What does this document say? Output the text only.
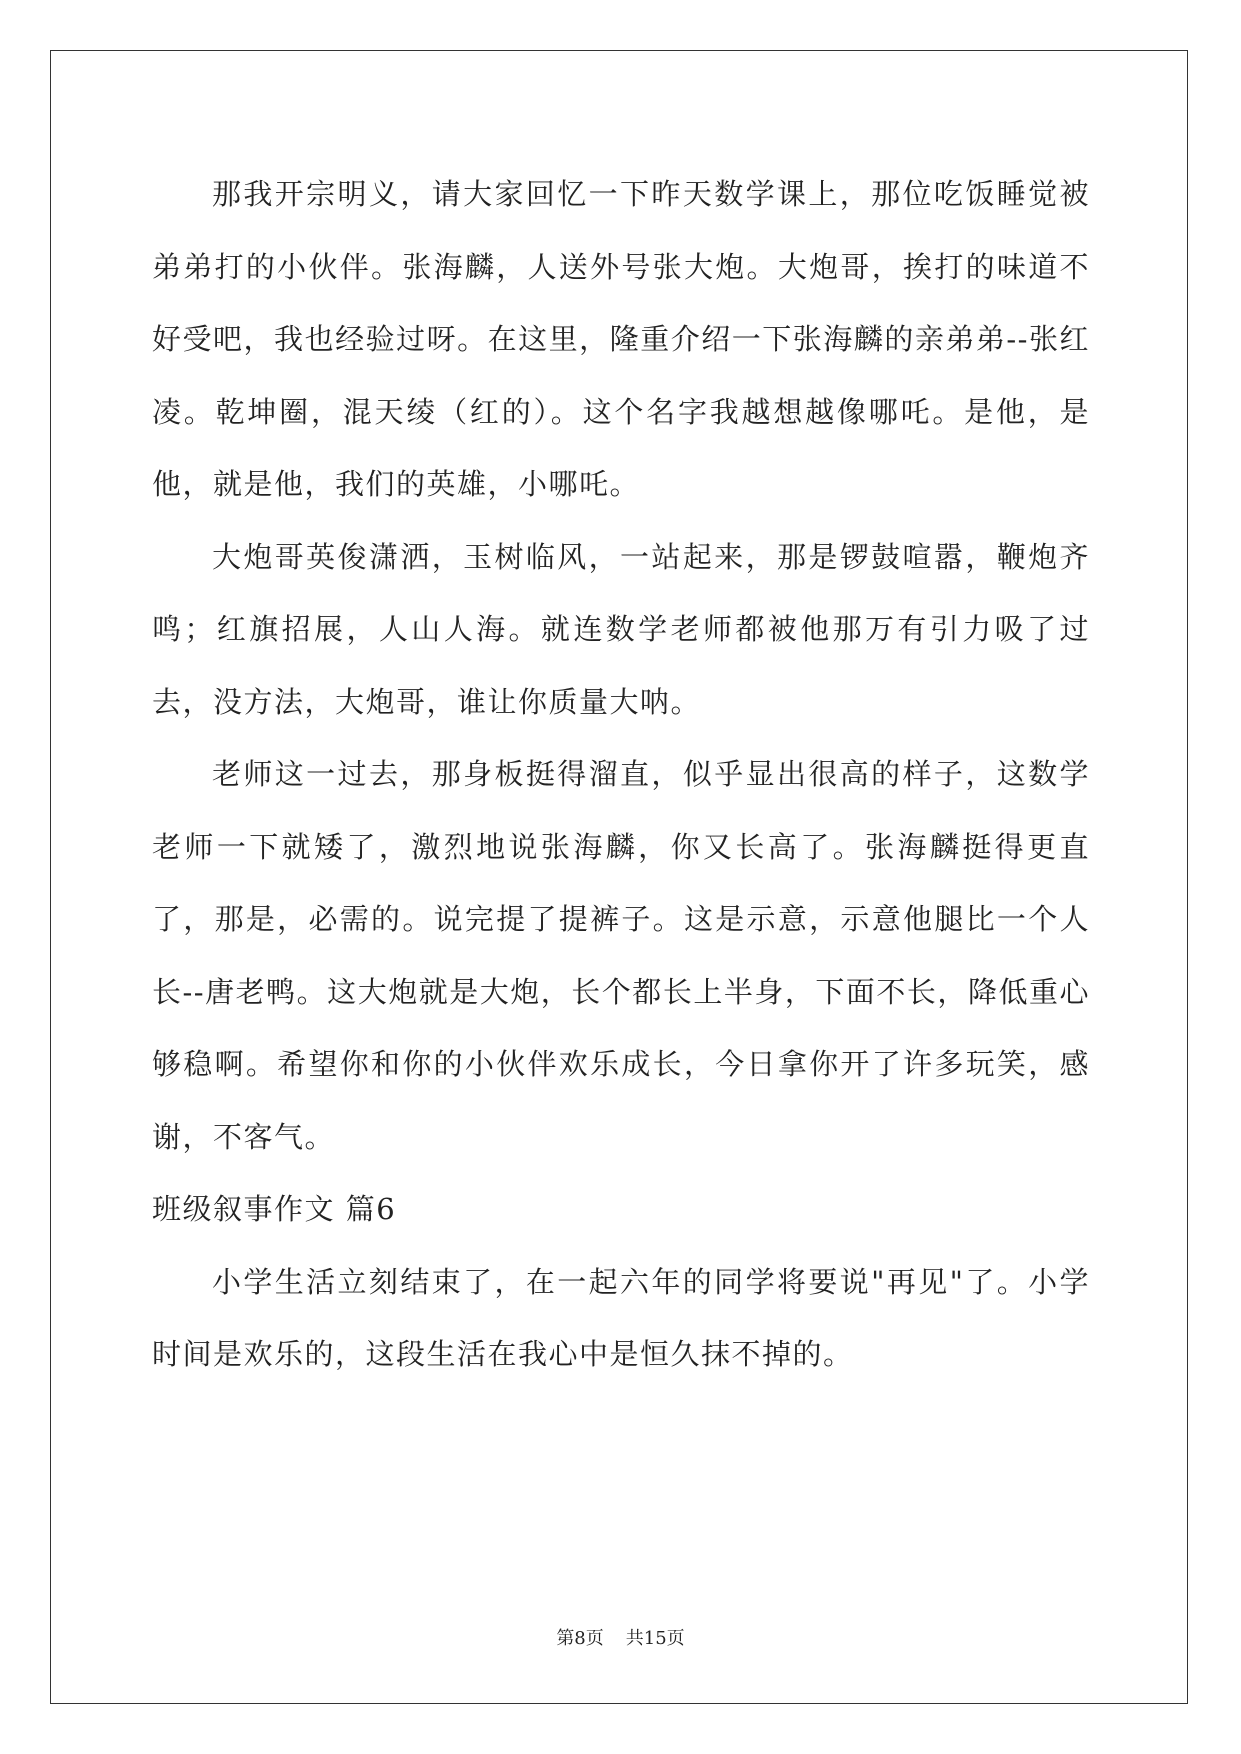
那我开宗明义，请大家回忆一下昨天数学课上，那位吃饭睡觉被弟弟打的小伙伴。张海麟，人送外号张大炮。大炮哥，挨打的味道不好受吧，我也经验过呀。在这里，隆重介绍一下张海麟的亲弟弟--张红凌。乾坤圈，混天绫（红的）。这个名字我越想越像哪吒。是他，是他，就是他，我们的英雄，小哪吒。

大炮哥英俊潇洒，玉树临风，一站起来，那是锣鼓喧嚣，鞭炮齐鸣；红旗招展，人山人海。就连数学老师都被他那万有引力吸了过去，没方法，大炮哥，谁让你质量大呐。

老师这一过去，那身板挺得溜直，似乎显出很高的样子，这数学老师一下就矮了，激烈地说张海麟，你又长高了。张海麟挺得更直了，那是，必需的。说完提了提裤子。这是示意，示意他腿比一个人长--唐老鸭。这大炮就是大炮，长个都长上半身，下面不长，降低重心够稳啊。希望你和你的小伙伴欢乐成长，今日拿你开了许多玩笑，感谢，不客气。

班级叙事作文 篇6

小学生活立刻结束了，在一起六年的同学将要说"再见"了。小学时间是欢乐的，这段生活在我心中是恒久抹不掉的。

第8页 共15页
